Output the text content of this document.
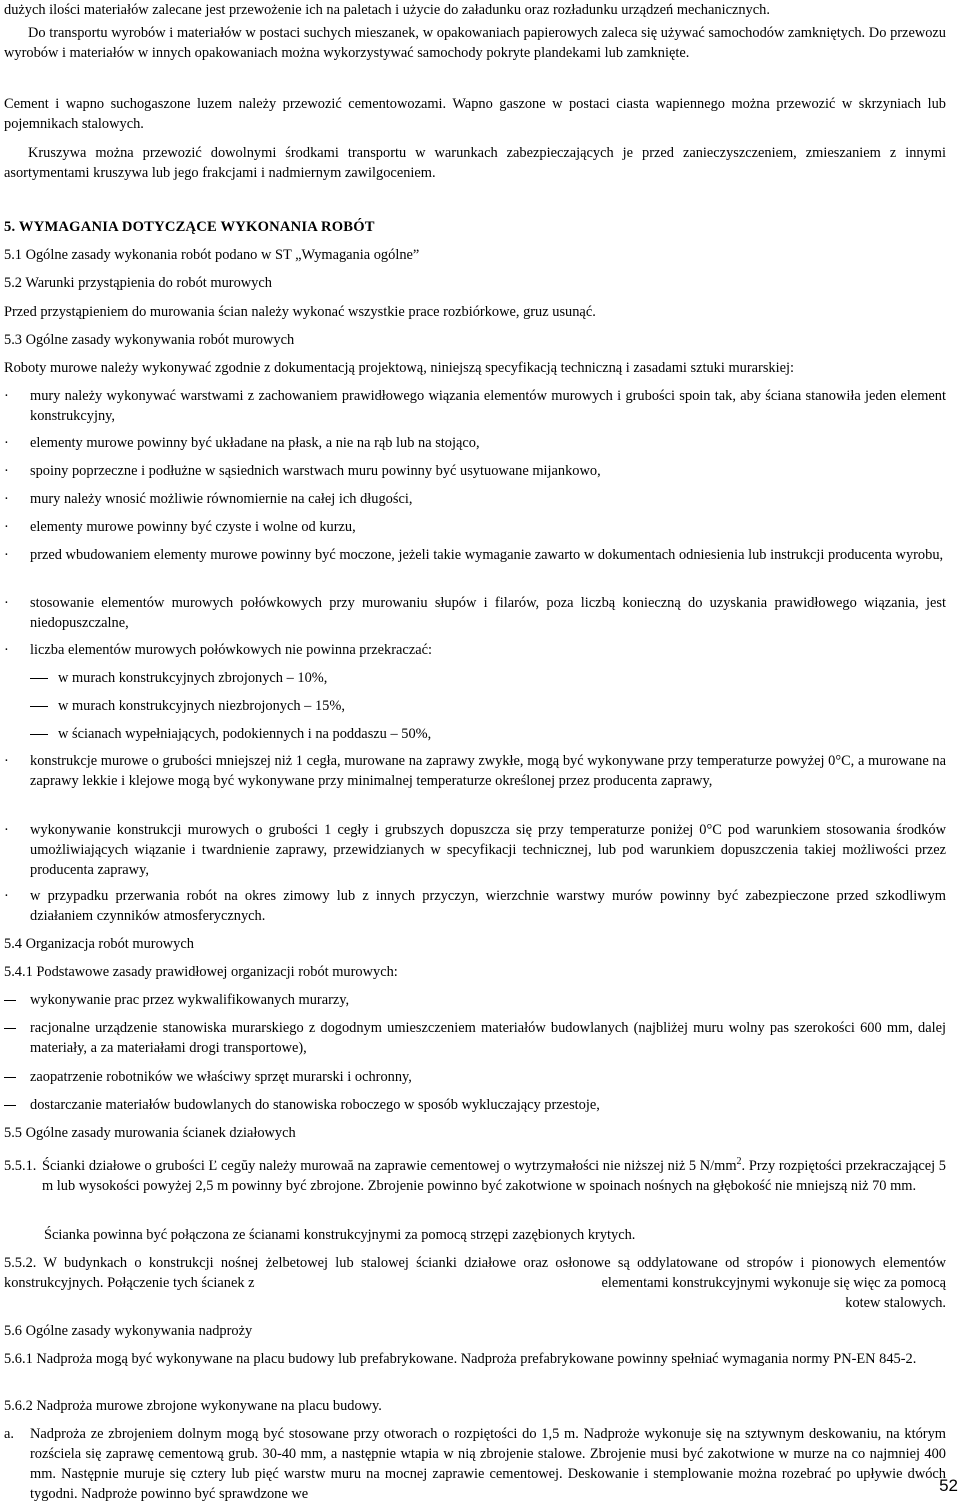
dużych ilości materiałów zalecane jest przewożenie ich na paletach i użycie do załadunku oraz rozładunku urządzeń mechanicznych.
Do transportu wyrobów i materiałów w postaci suchych mieszanek, w opakowaniach papierowych zaleca się używać samochodów zamkniętych. Do przewozu wyrobów i materiałów w innych opakowaniach można wykorzystywać samochody pokryte plandekami lub zamknięte.
Cement i wapno suchogaszone luzem należy przewozić cementowozami. Wapno gaszone w postaci ciasta wapiennego można przewozić w skrzyniach lub pojemnikach stalowych.
Kruszywa można przewozić dowolnymi środkami transportu w warunkach zabezpieczających je przed zanieczyszczeniem, zmieszaniem z innymi asortymentami kruszywa lub jego frakcjami i nadmiernym zawilgoceniem.
5. WYMAGANIA DOTYCZĄCE WYKONANIA ROBÓT
5.1 Ogólne zasady wykonania robót podano w ST „Wymagania ogólne”
5.2 Warunki przystąpienia do robót murowych
Przed przystąpieniem do murowania ścian należy wykonać wszystkie prace rozbiórkowe, gruz usunąć.
5.3 Ogólne zasady wykonywania robót murowych
Roboty murowe należy wykonywać zgodnie z dokumentacją projektową, niniejszą specyfikacją techniczną i zasadami sztuki murarskiej:
·	mury należy wykonywać warstwami z zachowaniem prawidłowego wiązania elementów murowych i grubości spoin tak, aby ściana stanowiła jeden element konstrukcyjny,
·	elementy murowe powinny być układane na płask, a nie na rąb lub na stojąco,
·	spoiny poprzeczne i podłużne w sąsiednich warstwach muru powinny być usytuowane mijankowo,
·	mury należy wnosić możliwie równomiernie na całej ich długości,
·	elementy murowe powinny być czyste i wolne od kurzu,
·	przed wbudowaniem elementy murowe powinny być moczone, jeżeli takie wymaganie zawarto w dokumentach odniesienia lub instrukcji producenta wyrobu,
·	stosowanie elementów murowych połówkowych przy murowaniu słupów i filarów, poza liczbą konieczną do uzyskania prawidłowego wiązania, jest niedopuszczalne,
·	liczba elementów murowych połówkowych nie powinna przekraczać:
w murach konstrukcyjnych zbrojonych – 10%,
w murach konstrukcyjnych niezbrojonych – 15%,
w ścianach wypełniających, podokiennych i na poddaszu – 50%,
·	konstrukcje murowe o grubości mniejszej niż 1 cegła, murowane na zaprawy zwykłe, mogą być wykonywane przy temperaturze powyżej 0°C, a murowane na zaprawy lekkie i klejowe mogą być wykonywane przy minimalnej temperaturze określonej przez producenta zaprawy,
·	wykonywanie konstrukcji murowych o grubości 1 cegły i grubszych dopuszcza się przy temperaturze poniżej 0°C pod warunkiem stosowania środków umożliwiających wiązanie i twardnienie zaprawy, przewidzianych w specyfikacji technicznej, lub pod warunkiem dopuszczenia takiej możliwości przez producenta zaprawy,
·	w przypadku przerwania robót na okres zimowy lub z innych przyczyn, wierzchnie warstwy murów powinny być zabezpieczone przed szkodliwym działaniem czynników atmosferycznych.
5.4 Organizacja robót murowych
5.4.1 Podstawowe zasady prawidłowej organizacji robót murowych:
wykonywanie prac przez wykwalifikowanych murarzy,
racjonalne urządzenie stanowiska murarskiego z dogodnym umieszczeniem materiałów budowlanych (najbliżej muru wolny pas szerokości 600 mm, dalej materiały, a za materiałami drogi transportowe),
zaopatrzenie robotników we właściwy sprzęt murarski i ochronny,
dostarczanie materiałów budowlanych do stanowiska roboczego w sposób wykluczający przestoje,
5.5 Ogólne zasady murowania ścianek działowych
5.5.1. Ścianki działowe o grubości Ľ cegŭy należy murowaă na zaprawie cementowej o wytrzymałości nie niższej niż 5 $N/mm^2$. Przy rozpiętości przekraczającej 5 m lub wysokości powyżej 2,5 m powinny być zbrojone. Zbrojenie powinno być zakotwione w spoinach nośnych na głębokość nie mniejszą niż 70 mm.
Ścianka powinna być połączona ze ścianami konstrukcyjnymi za pomocą strzępi zazębionych krytych.
5.5.2. W budynkach o konstrukcji nośnej żelbetowej lub stalowej ścianki działowe oraz osłonowe są oddylatowane od stropów i pionowych elementów konstrukcyjnych. Połączenie tych ścianek z	elementami konstrukcyjnymi wykonuje się więc za pomocą kotew stalowych.
5.6 Ogólne zasady wykonywania nadproży
5.6.1 Nadproża mogą być wykonywane na placu budowy lub prefabrykowane. Nadproża prefabrykowane powinny spełniać wymagania normy PN-EN 845-2.
5.6.2 Nadproża murowe zbrojone wykonywane na placu budowy.
a. Nadproża ze zbrojeniem dolnym mogą być stosowane przy otworach o rozpiętości do 1,5 m. Nadproże wykonuje się na sztywnym deskowaniu, na którym rozściela się zaprawę cementową grub. 30-40 mm, a następnie wtapia w nią zbrojenie stalowe. Zbrojenie musi być zakotwione w murze na co najmniej 400 mm. Następnie muruje się cztery lub pięć warstw muru na mocnej zaprawie cementowej. Deskowanie i stemplowanie można rozebrać po upływie dwóch tygodni. Nadproże powinno być sprawdzone we	52
